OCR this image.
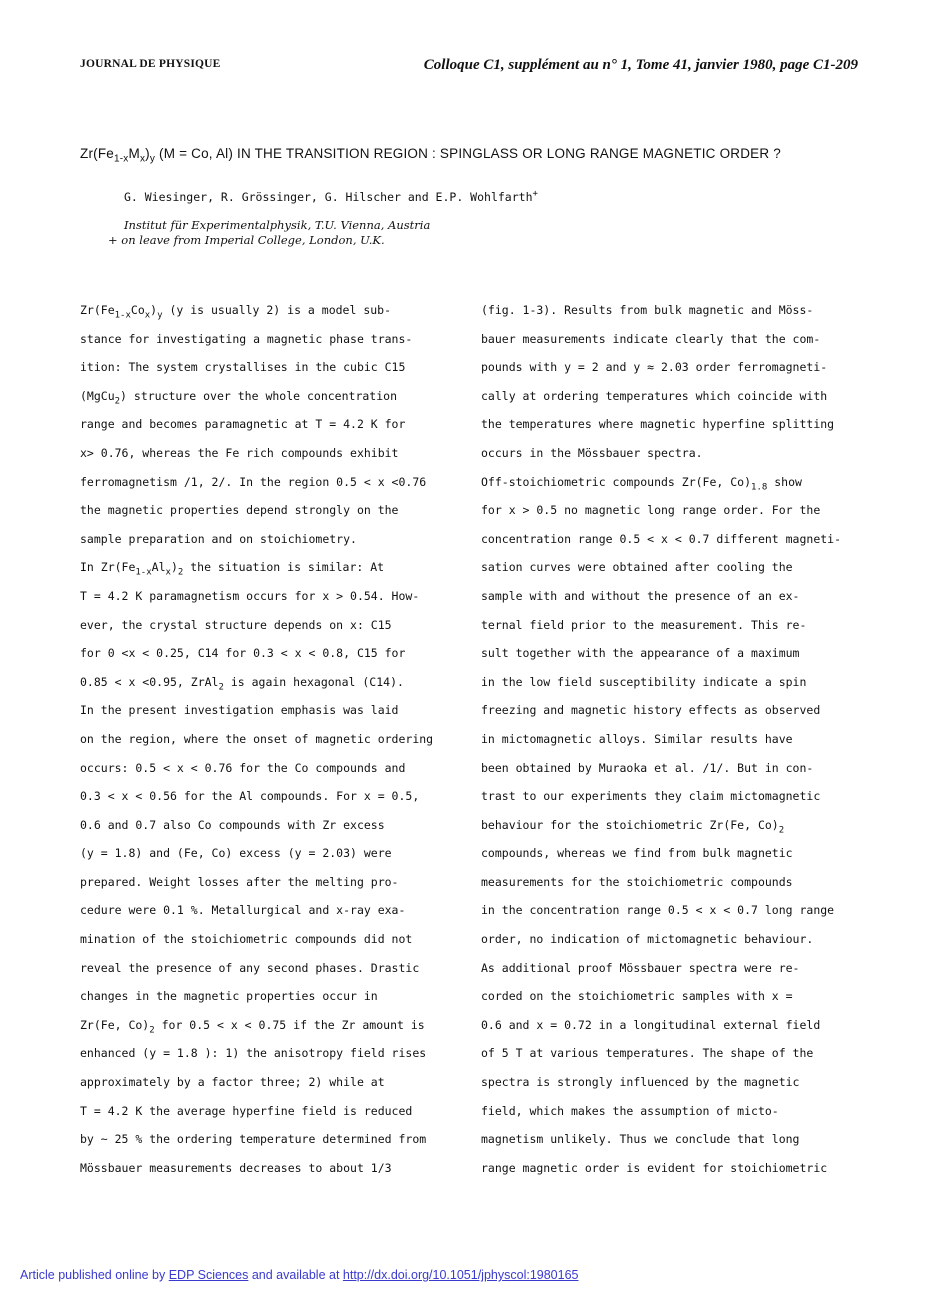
JOURNAL DE PHYSIQUE	Colloque C1, supplément au n° 1, Tome 41, janvier 1980, page C1-209
$Zr(Fe_{1-x}M_x)_y$ (M = Co, Al) IN THE TRANSITION REGION : SPINGLASS OR LONG RANGE MAGNETIC ORDER ?
G. Wiesinger, R. Grössinger, G. Hilscher and E.P. Wohlfarth+
Institut für Experimentalphysik, T.U. Vienna, Austria
+ on leave from Imperial College, London, U.K.
$Zr(Fe_{1-x}Co_x)_y$ (y is usually 2) is a model sub-
stance for investigating a magnetic phase trans-
ition: The system crystallises in the cubic C15
(MgCu$_2$) structure over the whole concentration
range and becomes paramagnetic at T = 4.2 K for
x> 0.76, whereas the Fe rich compounds exhibit
ferromagnetism /1, 2/. In the region 0.5 < x <0.76
the magnetic properties depend strongly on the
sample preparation and on stoichiometry.
In $Zr(Fe_{1-x}Al_x)_2$ the situation is similar: At
T = 4.2 K paramagnetism occurs for x > 0.54. How-
ever, the crystal structure depends on x: C15
for 0 <x < 0.25, C14 for 0.3 < x < 0.8, C15 for
0.85 < x <0.95, ZrAl$_2$ is again hexagonal (C14).
In the present investigation emphasis was laid
on the region, where the onset of magnetic ordering
occurs: 0.5 < x < 0.76 for the Co compounds and
0.3 < x < 0.56 for the Al compounds. For x = 0.5,
0.6 and 0.7 also Co compounds with Zr excess
(y = 1.8) and (Fe, Co) excess (y = 2.03) were
prepared. Weight losses after the melting pro-
cedure were 0.1 %. Metallurgical and x-ray exa-
mination of the stoichiometric compounds did not
reveal the presence of any second phases. Drastic
changes in the magnetic properties occur in
Zr(Fe, $Co)_2$ for 0.5 < x < 0.75 if the Zr amount is
enhanced (y = 1.8 ): 1) the anisotropy field rises
approximately by a factor three; 2) while at
T = 4.2 K the average hyperfine field is reduced
by ~ 25 % the ordering temperature determined from
Mössbauer measurements decreases to about 1/3
(fig. 1-3). Results from bulk magnetic and Möss-
bauer measurements indicate clearly that the com-
pounds with y = 2 and y ≈ 2.03 order ferromagneti-
cally at ordering temperatures which coincide with
the temperatures where magnetic hyperfine splitting
occurs in the Mössbauer spectra.
Off-stoichiometric compounds Zr(Fe, $Co)_{1.8}$ show
for x > 0.5 no magnetic long range order. For the
concentration range 0.5 < x < 0.7 different magneti-
sation curves were obtained after cooling the
sample with and without the presence of an ex-
ternal field prior to the measurement. This re-
sult together with the appearance of a maximum
in the low field susceptibility indicate a spin
freezing and magnetic history effects as observed
in mictomagnetic alloys. Similar results have
been obtained by Muraoka et al. /1/. But in con-
trast to our experiments they claim mictomagnetic
behaviour for the stoichiometric Zr(Fe, $Co)_2$
compounds, whereas we find from bulk magnetic
measurements for the stoichiometric compounds
in the concentration range 0.5 < x < 0.7 long range
order, no indication of mictomagnetic behaviour.
As additional proof Mössbauer spectra were re-
corded on the stoichiometric samples with x =
0.6 and x = 0.72 in a longitudinal external field
of 5 T at various temperatures. The shape of the
spectra is strongly influenced by the magnetic
field, which makes the assumption of micto-
magnetism unlikely. Thus we conclude that long
range magnetic order is evident for stoichiometric
Article published online by EDP Sciences and available at http://dx.doi.org/10.1051/jphyscol:1980165
